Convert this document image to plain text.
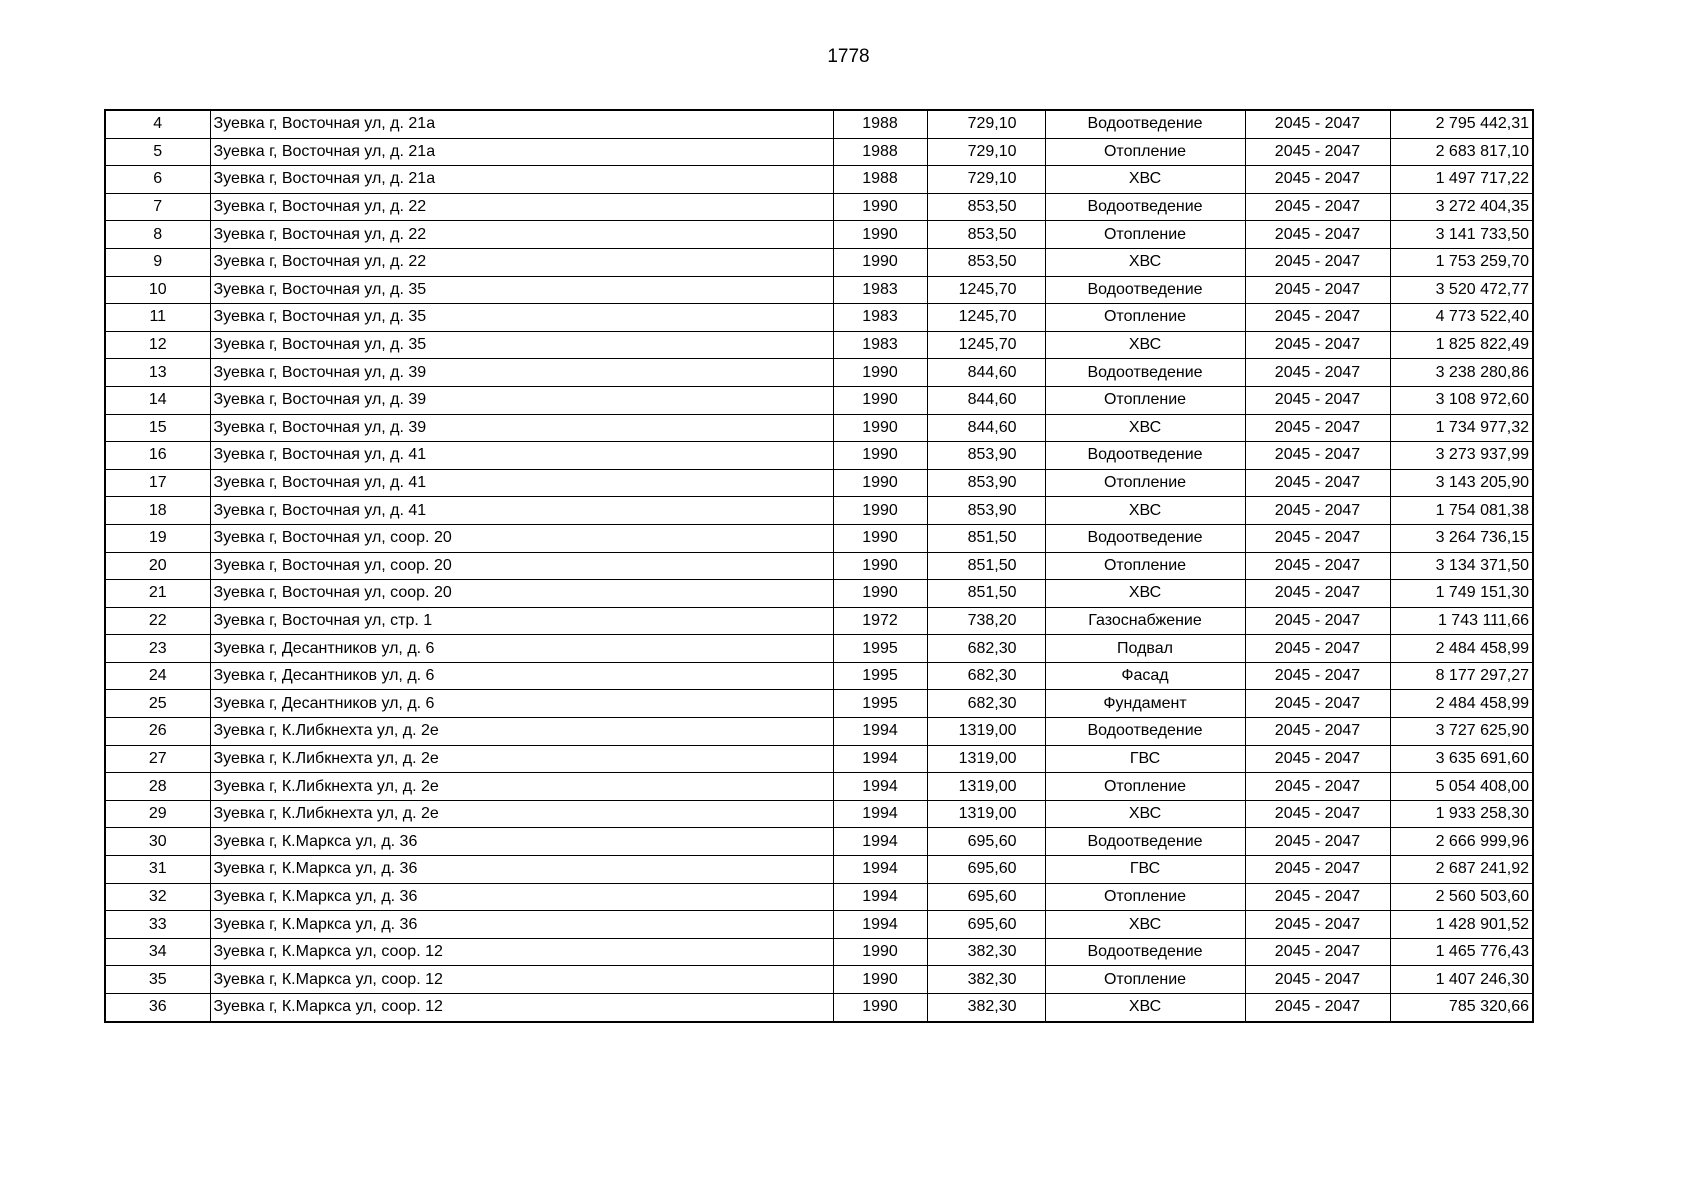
1778
4	Зуевка г, Восточная ул, д. 21а	1988	729,10	Водоотведение	2045 - 2047	2 795 442,31
5	Зуевка г, Восточная ул, д. 21а	1988	729,10	Отопление	2045 - 2047	2 683 817,10
6	Зуевка г, Восточная ул, д. 21а	1988	729,10	ХВС	2045 - 2047	1 497 717,22
7	Зуевка г, Восточная ул, д. 22	1990	853,50	Водоотведение	2045 - 2047	3 272 404,35
8	Зуевка г, Восточная ул, д. 22	1990	853,50	Отопление	2045 - 2047	3 141 733,50
9	Зуевка г, Восточная ул, д. 22	1990	853,50	ХВС	2045 - 2047	1 753 259,70
10	Зуевка г, Восточная ул, д. 35	1983	1245,70	Водоотведение	2045 - 2047	3 520 472,77
11	Зуевка г, Восточная ул, д. 35	1983	1245,70	Отопление	2045 - 2047	4 773 522,40
12	Зуевка г, Восточная ул, д. 35	1983	1245,70	ХВС	2045 - 2047	1 825 822,49
13	Зуевка г, Восточная ул, д. 39	1990	844,60	Водоотведение	2045 - 2047	3 238 280,86
14	Зуевка г, Восточная ул, д. 39	1990	844,60	Отопление	2045 - 2047	3 108 972,60
15	Зуевка г, Восточная ул, д. 39	1990	844,60	ХВС	2045 - 2047	1 734 977,32
16	Зуевка г, Восточная ул, д. 41	1990	853,90	Водоотведение	2045 - 2047	3 273 937,99
17	Зуевка г, Восточная ул, д. 41	1990	853,90	Отопление	2045 - 2047	3 143 205,90
18	Зуевка г, Восточная ул, д. 41	1990	853,90	ХВС	2045 - 2047	1 754 081,38
19	Зуевка г, Восточная ул, соор. 20	1990	851,50	Водоотведение	2045 - 2047	3 264 736,15
20	Зуевка г, Восточная ул, соор. 20	1990	851,50	Отопление	2045 - 2047	3 134 371,50
21	Зуевка г, Восточная ул, соор. 20	1990	851,50	ХВС	2045 - 2047	1 749 151,30
22	Зуевка г, Восточная ул, стр. 1	1972	738,20	Газоснабжение	2045 - 2047	1 743 111,66
23	Зуевка г, Десантников ул, д. 6	1995	682,30	Подвал	2045 - 2047	2 484 458,99
24	Зуевка г, Десантников ул, д. 6	1995	682,30	Фасад	2045 - 2047	8 177 297,27
25	Зуевка г, Десантников ул, д. 6	1995	682,30	Фундамент	2045 - 2047	2 484 458,99
26	Зуевка г, К.Либкнехта ул, д. 2е	1994	1319,00	Водоотведение	2045 - 2047	3 727 625,90
27	Зуевка г, К.Либкнехта ул, д. 2е	1994	1319,00	ГВС	2045 - 2047	3 635 691,60
28	Зуевка г, К.Либкнехта ул, д. 2е	1994	1319,00	Отопление	2045 - 2047	5 054 408,00
29	Зуевка г, К.Либкнехта ул, д. 2е	1994	1319,00	ХВС	2045 - 2047	1 933 258,30
30	Зуевка г, К.Маркса ул, д. 36	1994	695,60	Водоотведение	2045 - 2047	2 666 999,96
31	Зуевка г, К.Маркса ул, д. 36	1994	695,60	ГВС	2045 - 2047	2 687 241,92
32	Зуевка г, К.Маркса ул, д. 36	1994	695,60	Отопление	2045 - 2047	2 560 503,60
33	Зуевка г, К.Маркса ул, д. 36	1994	695,60	ХВС	2045 - 2047	1 428 901,52
34	Зуевка г, К.Маркса ул, соор. 12	1990	382,30	Водоотведение	2045 - 2047	1 465 776,43
35	Зуевка г, К.Маркса ул, соор. 12	1990	382,30	Отопление	2045 - 2047	1 407 246,30
36	Зуевка г, К.Маркса ул, соор. 12	1990	382,30	ХВС	2045 - 2047	785 320,66
